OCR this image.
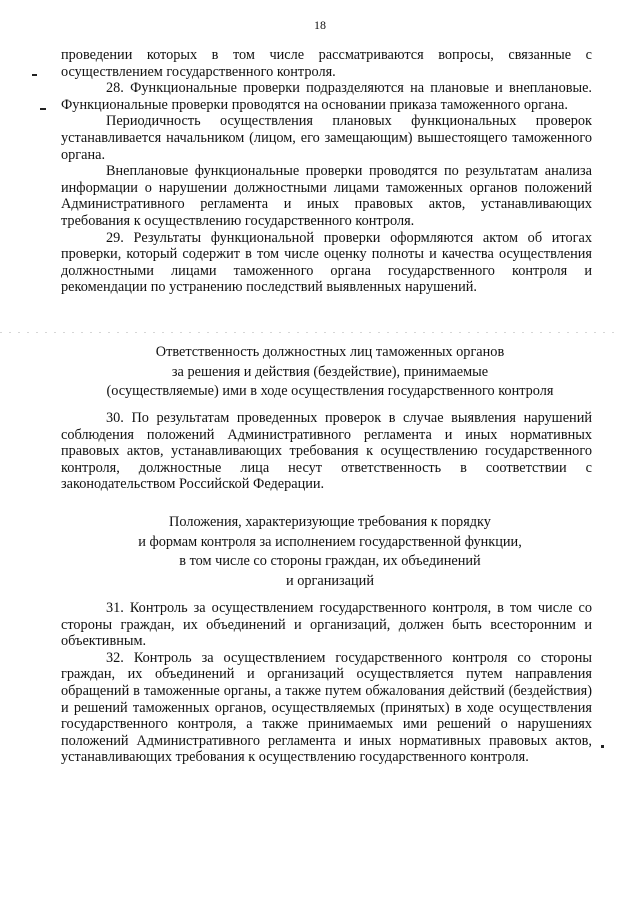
18

проведении которых в том числе рассматриваются вопросы, связанные с осуществлением государственного контроля.

28. Функциональные проверки подразделяются на плановые и внеплановые. Функциональные проверки проводятся на основании приказа таможенного органа.

Периодичность осуществления плановых функциональных проверок устанавливается начальником (лицом, его замещающим) вышестоящего таможенного органа.

Внеплановые функциональные проверки проводятся по результатам анализа информации о нарушении должностными лицами таможенных органов положений Административного регламента и иных правовых актов, устанавливающих требования к осуществлению государственного контроля.

29. Результаты функциональной проверки оформляются актом об итогах проверки, который содержит в том числе оценку полноты и качества осуществления должностными лицами таможенного органа государственного контроля и рекомендации по устранению последствий выявленных нарушений.

Ответственность должностных лиц таможенных органов
за решения и действия (бездействие), принимаемые
(осуществляемые) ими в ходе осуществления государственного контроля

30. По результатам проведенных проверок в случае выявления нарушений соблюдения положений Административного регламента и иных нормативных правовых актов, устанавливающих требования к осуществлению государственного контроля, должностные лица несут ответственность в соответствии с законодательством Российской Федерации.

Положения, характеризующие требования к порядку
и формам контроля за исполнением государственной функции,
в том числе со стороны граждан, их объединений
и организаций

31. Контроль за осуществлением государственного контроля, в том числе со стороны граждан, их объединений и организаций, должен быть всесторонним и объективным.

32. Контроль за осуществлением государственного контроля со стороны граждан, их объединений и организаций осуществляется путем направления обращений в таможенные органы, а также путем обжалования действий (бездействия) и решений таможенных органов, осуществляемых (принятых) в ходе осуществления государственного контроля, а также принимаемых ими решений о нарушениях положений Административного регламента и иных нормативных правовых актов, устанавливающих требования к осуществлению государственного контроля.
